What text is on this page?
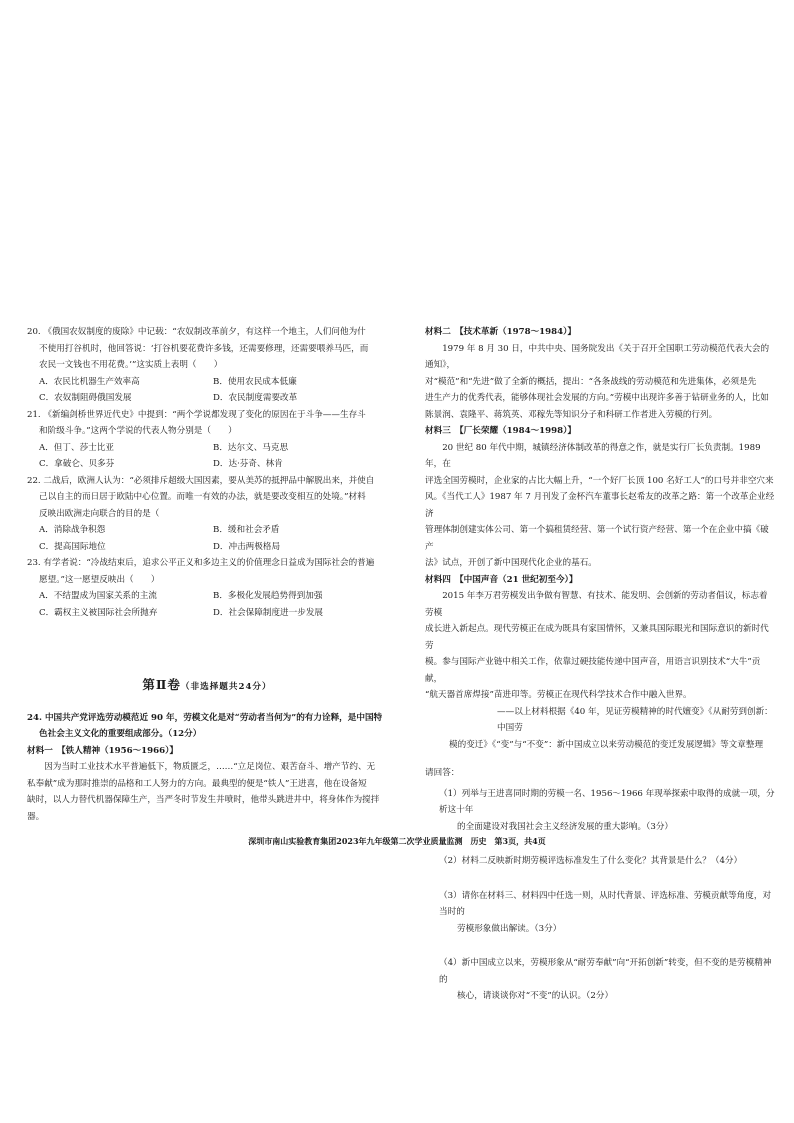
20. 《俄国农奴制度的废除》中记载：“农奴制改革前夕，有这样一个地主，人们问他为什

不使用打谷机时，他回答说：‘打谷机要花费许多钱，还需要修理，还需要喂养马匹，而

农民一文钱也不用花费。’”这实质上表明（　　）

A．农民比机器生产效率高	B．使用农民成本低廉
C．农奴制阻碍俄国发展	D．农民制度需要改革

21. 《新编剑桥世界近代史》中提到：“两个学说都发现了变化的原因在于斗争——生存斗

和阶级斗争。”这两个学说的代表人物分别是（　　）

A．但丁、莎士比亚	B．达尔文、马克思
C．拿破仑、贝多芬	D．达·芬奇、林肯

22. 二战后，欧洲人认为：“必须排斥超级大国因素，要从美苏的抵押品中解脱出来，并使自

己以自主的而日居于欧陆中心位置。而唯一有效的办法，就是要改变相互的处境。”材料

反映出欧洲走向联合的目的是（

A．消除战争积怨	B．缓和社会矛盾
C．提高国际地位	D．冲击两极格局

23. 有学者说：“冷战结束后，追求公平正义和多边主义的价值理念日益成为国际社会的普遍

愿望。”这一愿望反映出（　　）

A．不结盟成为国家关系的主流	B．多极化发展趋势得到加强
C．霸权主义被国际社会所抛弃	D．社会保障制度进一步发展
第Ⅱ卷（非选择题共24分）

24. 中国共产党评选劳动模范近 90 年，劳模文化是对“劳动者当何为”的有力诠释，是中国特

色社会主义文化的重要组成部分。（12分）

材料一　【铁人精神（1956～1966）】

因为当时工业技术水平普遍低下，物质匮乏，……“立足岗位、艰苦奋斗、增产节约、无

私奉献”成为那时推崇的品格和工人努力的方向。最典型的便是“铁人”王进喜，他在设备短

缺时，以人力替代机器保障生产，当严冬时节发生井喷时，他带头跳进井中，将身体作为搅拌

器。

材料二　【技术革新（1978～1984）】

1979 年 8 月 30 日，中共中央、国务院发出《关于召开全国职工劳动模范代表大会的通知》，

对“模范”和“先进”做了全新的概括，提出：“各条战线的劳动模范和先进集体，必须是先

进生产力的优秀代表，能够体现社会发展的方向。”劳模中出现许多善于钻研业务的人，比如

陈景润、袁隆平、蒋筑英、邓稼先等知识分子和科研工作者进入劳模的行列。

材料三　【厂长荣耀（1984～1998）】

20 世纪 80 年代中期，城镇经济体制改革的得意之作，就是实行厂长负责制。1989 年，在

评选全国劳模时，企业家的占比大幅上升，“一个好厂长顶 100 名好工人”的口号并非空穴来

风。《当代工人》1987 年 7 月刊发了金杯汽车董事长赵希友的改革之路：第一个改革企业经济

管理体制创建实体公司、第一个搞租赁经营、第一个试行资产经营、第一个在企业中搞《破产

法》试点，开创了新中国现代化企业的基石。

材料四　【中国声音（21 世纪初至今）】

2015 年李万君劳模发出争做有智慧、有技术、能发明、会创新的劳动者倡议，标志着劳模

成长进入新起点。现代劳模正在成为既具有家国情怀，又兼具国际眼光和国际意识的新时代劳

模。参与国际产业链中相关工作，依靠过硬技能传递中国声音，用语言识别技术“大牛”贡献，

“航天器首席焊接”苗进印等。劳模正在现代科学技术合作中融入世界。

——以上材料根据《40 年，见证劳模精神的时代嬗变》《从耐劳到创新：中国劳

模的变迁》《“变”与“不变”：新中国成立以来劳动模范的变迁发展逻辑》等文章整理

请回答：

（1）列举与王进喜同时期的劳模一名、1956～1966 年现举探索中取得的成就一项，分析这十年

的全面建设对我国社会主义经济发展的重大影响。（3分）

（2）材料二反映新时期劳模评选标准发生了什么变化？其背景是什么？（4分）

（3）请你在材料三、材料四中任选一则，从时代背景、评选标准、劳模贡献等角度，对当时的

劳模形象做出解读。（3分）

（4）新中国成立以来，劳模形象从“耐劳奉献”向“开拓创新”转变，但不变的是劳模精神的

核心，请谈谈你对“不变”的认识。（2分）

深圳市南山实验教育集团2023年九年级第二次学业质量监测　历史　第3页，共4页
